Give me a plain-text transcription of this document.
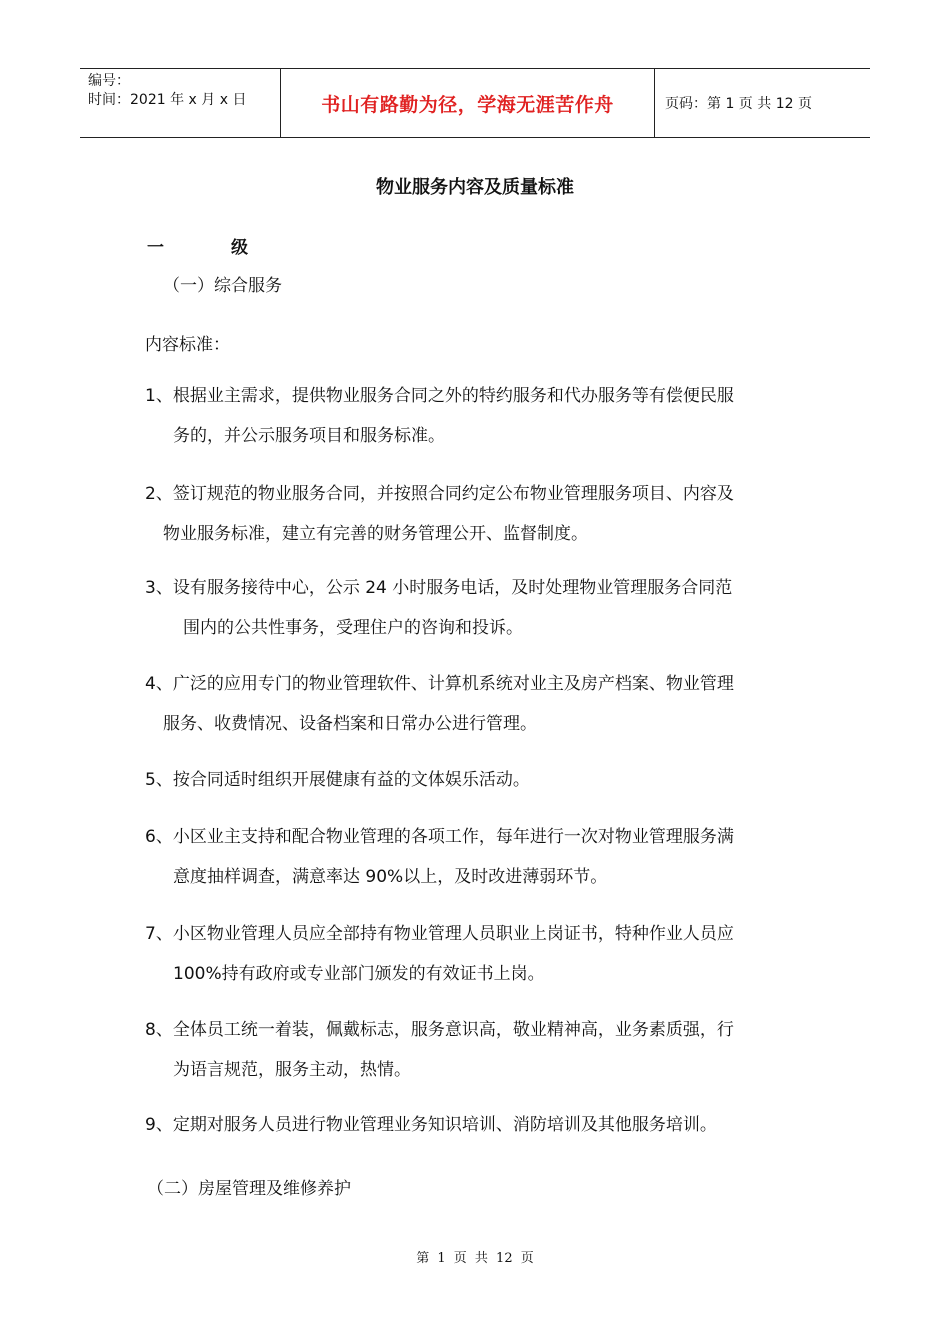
编号：
时间：2021 年 x 月 x 日	书山有路勤为径，学海无涯苦作舟	页码：第 1 页 共 12 页
物业服务内容及质量标准
一	级
（一）综合服务
内容标准：
1、根据业主需求，提供物业服务合同之外的特约服务和代办服务等有偿便民服
务的，并公示服务项目和服务标准。
2、签订规范的物业服务合同，并按照合同约定公布物业管理服务项目、内容及
物业服务标准，建立有完善的财务管理公开、监督制度。
3、设有服务接待中心，公示 24 小时服务电话，及时处理物业管理服务合同范
围内的公共性事务，受理住户的咨询和投诉。
4、广泛的应用专门的物业管理软件、计算机系统对业主及房产档案、物业管理
服务、收费情况、设备档案和日常办公进行管理。
5、按合同适时组织开展健康有益的文体娱乐活动。
6、小区业主支持和配合物业管理的各项工作，每年进行一次对物业管理服务满
意度抽样调查，满意率达 90%以上，及时改进薄弱环节。
7、小区物业管理人员应全部持有物业管理人员职业上岗证书，特种作业人员应
100%持有政府或专业部门颁发的有效证书上岗。
8、全体员工统一着装，佩戴标志，服务意识高，敬业精神高，业务素质强，行
为语言规范，服务主动，热情。
9、定期对服务人员进行物业管理业务知识培训、消防培训及其他服务培训。
（二）房屋管理及维修养护
第 1 页 共 12 页
